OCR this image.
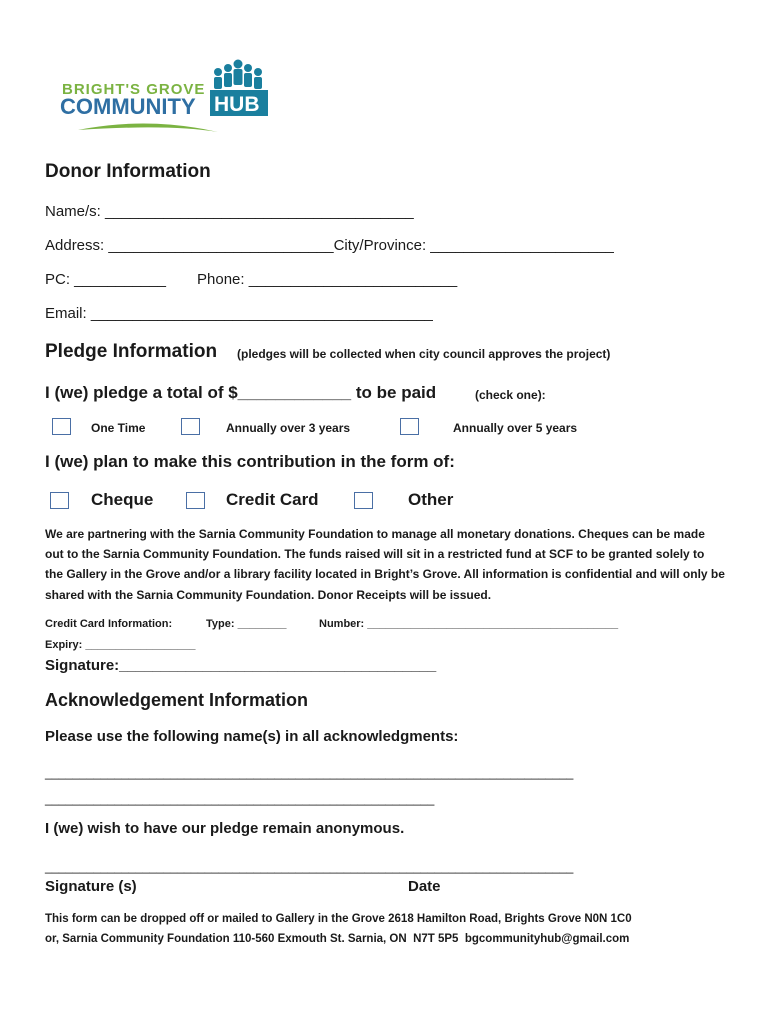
HUB
BRIGHT'S GROVE
COMMUNITY
Donor Information
Name/s: _____________________________________
Address: ___________________________City/Province: ______________________
PC: ___________ Phone: _________________________
Email: _________________________________________
Pledge Information (pledges will be collected when city council approves the project)
I (we) pledge a total of $____________ to be paid	(check one):
One Time	Annually over 3 years	Annually over 5 years
I (we) plan to make this contribution in the form of:
Cheque	Credit Card	Other
We are partnering with the Sarnia Community Foundation to manage all monetary donations. Cheques can be made out to the Sarnia Community Foundation. The funds raised will sit in a restricted fund at SCF to be granted solely to the Gallery in the Grove and/or a library facility located in Bright’s Grove. All information is confidential and will only be shared with the Sarnia Community Foundation. Donor Receipts will be issued.
Credit Card Information:	Type: ________	Number: _________________________________________
Expiry: __________________
Signature:______________________________________
Acknowledgement Information
Please use the following name(s) in all acknowledgments:
____________________________________________________________________________
________________________________________________________
I (we) wish to have our pledge remain anonymous.
____________________________________________________________________________
Signature (s)	Date
This form can be dropped off or mailed to Gallery in the Grove 2618 Hamilton Road, Brights Grove N0N 1C0
or, Sarnia Community Foundation 110-560 Exmouth St. Sarnia, ON  N7T 5P5  bgcommunityhub@gmail.com
